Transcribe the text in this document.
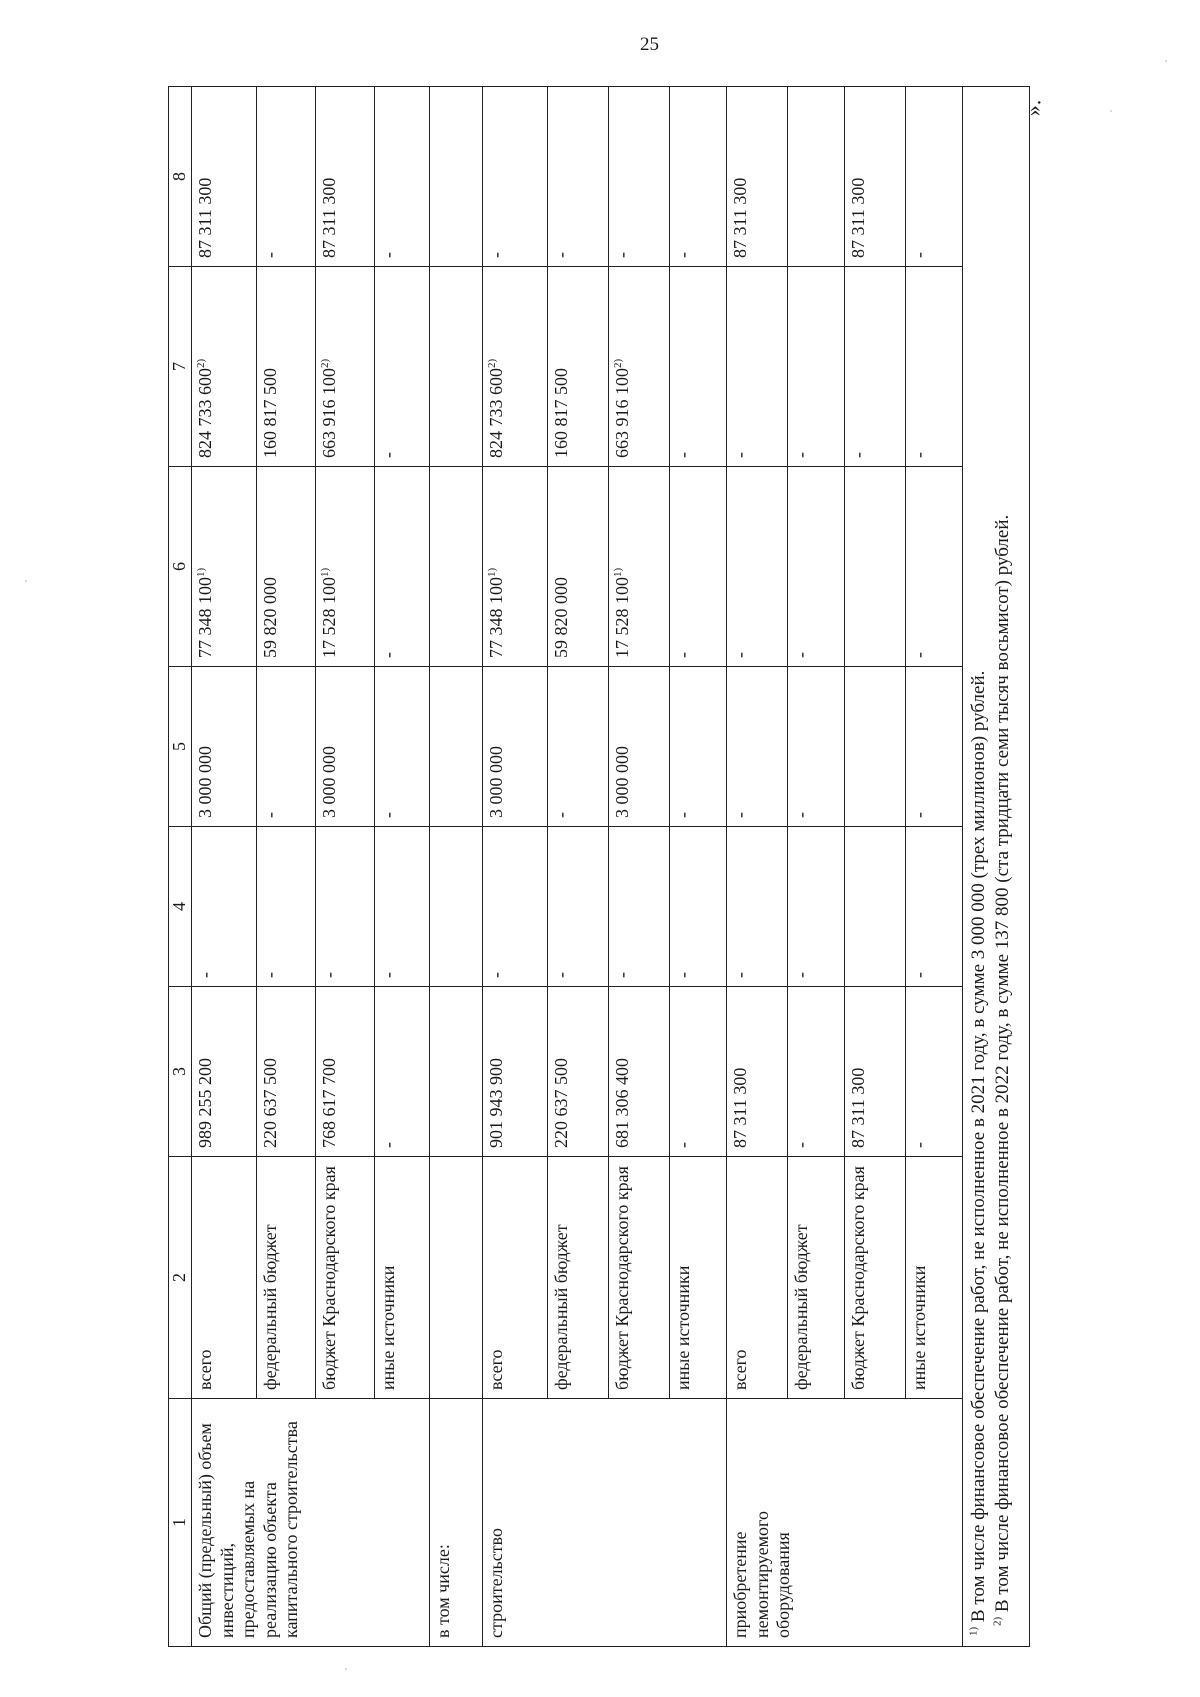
25
1	2	3	4	5	6	7	8
Общий (предельный) объем инвестиций, предоставляемых на реализацию объекта капитального строительства	всего	989 255 200	-	3 000 000	77 348 100$^{1)}$	824 733 600$^{2)}$	87 311 300
	федеральный бюджет	220 637 500	-	-	59 820 000	160 817 500	-
	бюджет Краснодарского края	768 617 700	-	3 000 000	17 528 100$^{1)}$	663 916 100$^{2)}$	87 311 300
	иные источники	-	-	-	-	-	-
в том числе:							
строительство	всего	901 943 900	-	3 000 000	77 348 100$^{1)}$	824 733 600$^{2)}$	-
	федеральный бюджет	220 637 500	-	-	59 820 000	160 817 500	-
	бюджет Краснодарского края	681 306 400	-	3 000 000	17 528 100$^{1)}$	663 916 100$^{2)}$	-
	иные источники	-	-	-	-	-	-
приобретение немонтируемого оборудования	всего	87 311 300	-	-	-	-	87 311 300
	федеральный бюджет	-	-	-	-	-	
	бюджет Краснодарского края	87 311 300				-	87 311 300
	иные источники	-	-	-	-	-	-

$^{1)}$ В том числе финансовое обеспечение работ, не исполненное в 2021 году, в сумме 3 000 000 (трех миллионов) рублей. $^{2)}$ В том числе финансовое обеспечение работ, не исполненное в 2022 году, в сумме 137 800 (ста тридцати семи тысяч восьмисот) рублей.							
».
